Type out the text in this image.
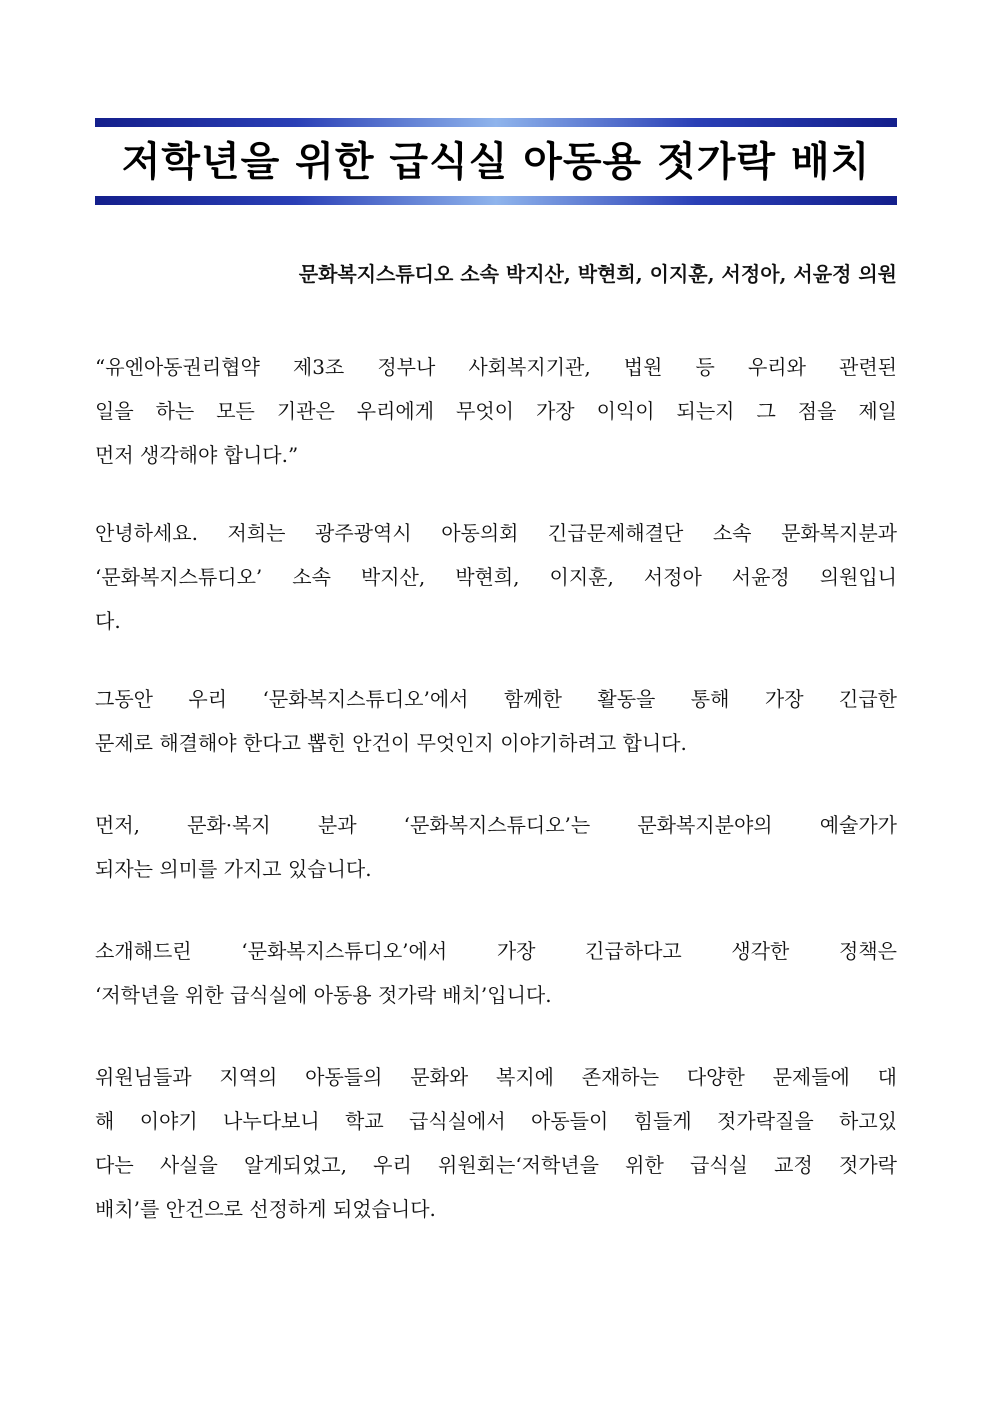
저학년을 위한 급식실 아동용 젓가락 배치
문화복지스튜디오 소속 박지산, 박현희, 이지훈, 서정아, 서윤정 의원
“유엔아동권리협약 제3조 정부나 사회복지기관, 법원 등 우리와 관련된
일을 하는 모든 기관은 우리에게 무엇이 가장 이익이 되는지 그 점을 제일
먼저 생각해야 합니다.”
안녕하세요. 저희는 광주광역시 아동의회 긴급문제해결단 소속 문화복지분과
‘문화복지스튜디오’ 소속 박지산, 박현희, 이지훈, 서정아 서윤정 의원입니
다.
그동안 우리 ‘문화복지스튜디오’에서 함께한 활동을 통해 가장 긴급한
문제로 해결해야 한다고 뽑힌 안건이 무엇인지 이야기하려고 합니다.
먼저, 문화·복지 분과 ‘문화복지스튜디오’는 문화복지분야의 예술가가
되자는 의미를 가지고 있습니다.
소개해드린 ‘문화복지스튜디오’에서 가장 긴급하다고 생각한 정책은
‘저학년을 위한 급식실에 아동용 젓가락 배치’입니다.
위원님들과 지역의 아동들의 문화와 복지에 존재하는 다양한 문제들에 대
해 이야기 나누다보니 학교 급식실에서 아동들이 힘들게 젓가락질을 하고있
다는 사실을 알게되었고, 우리 위원회는‘저학년을 위한 급식실 교정 젓가락
배치’를 안건으로 선정하게 되었습니다.
